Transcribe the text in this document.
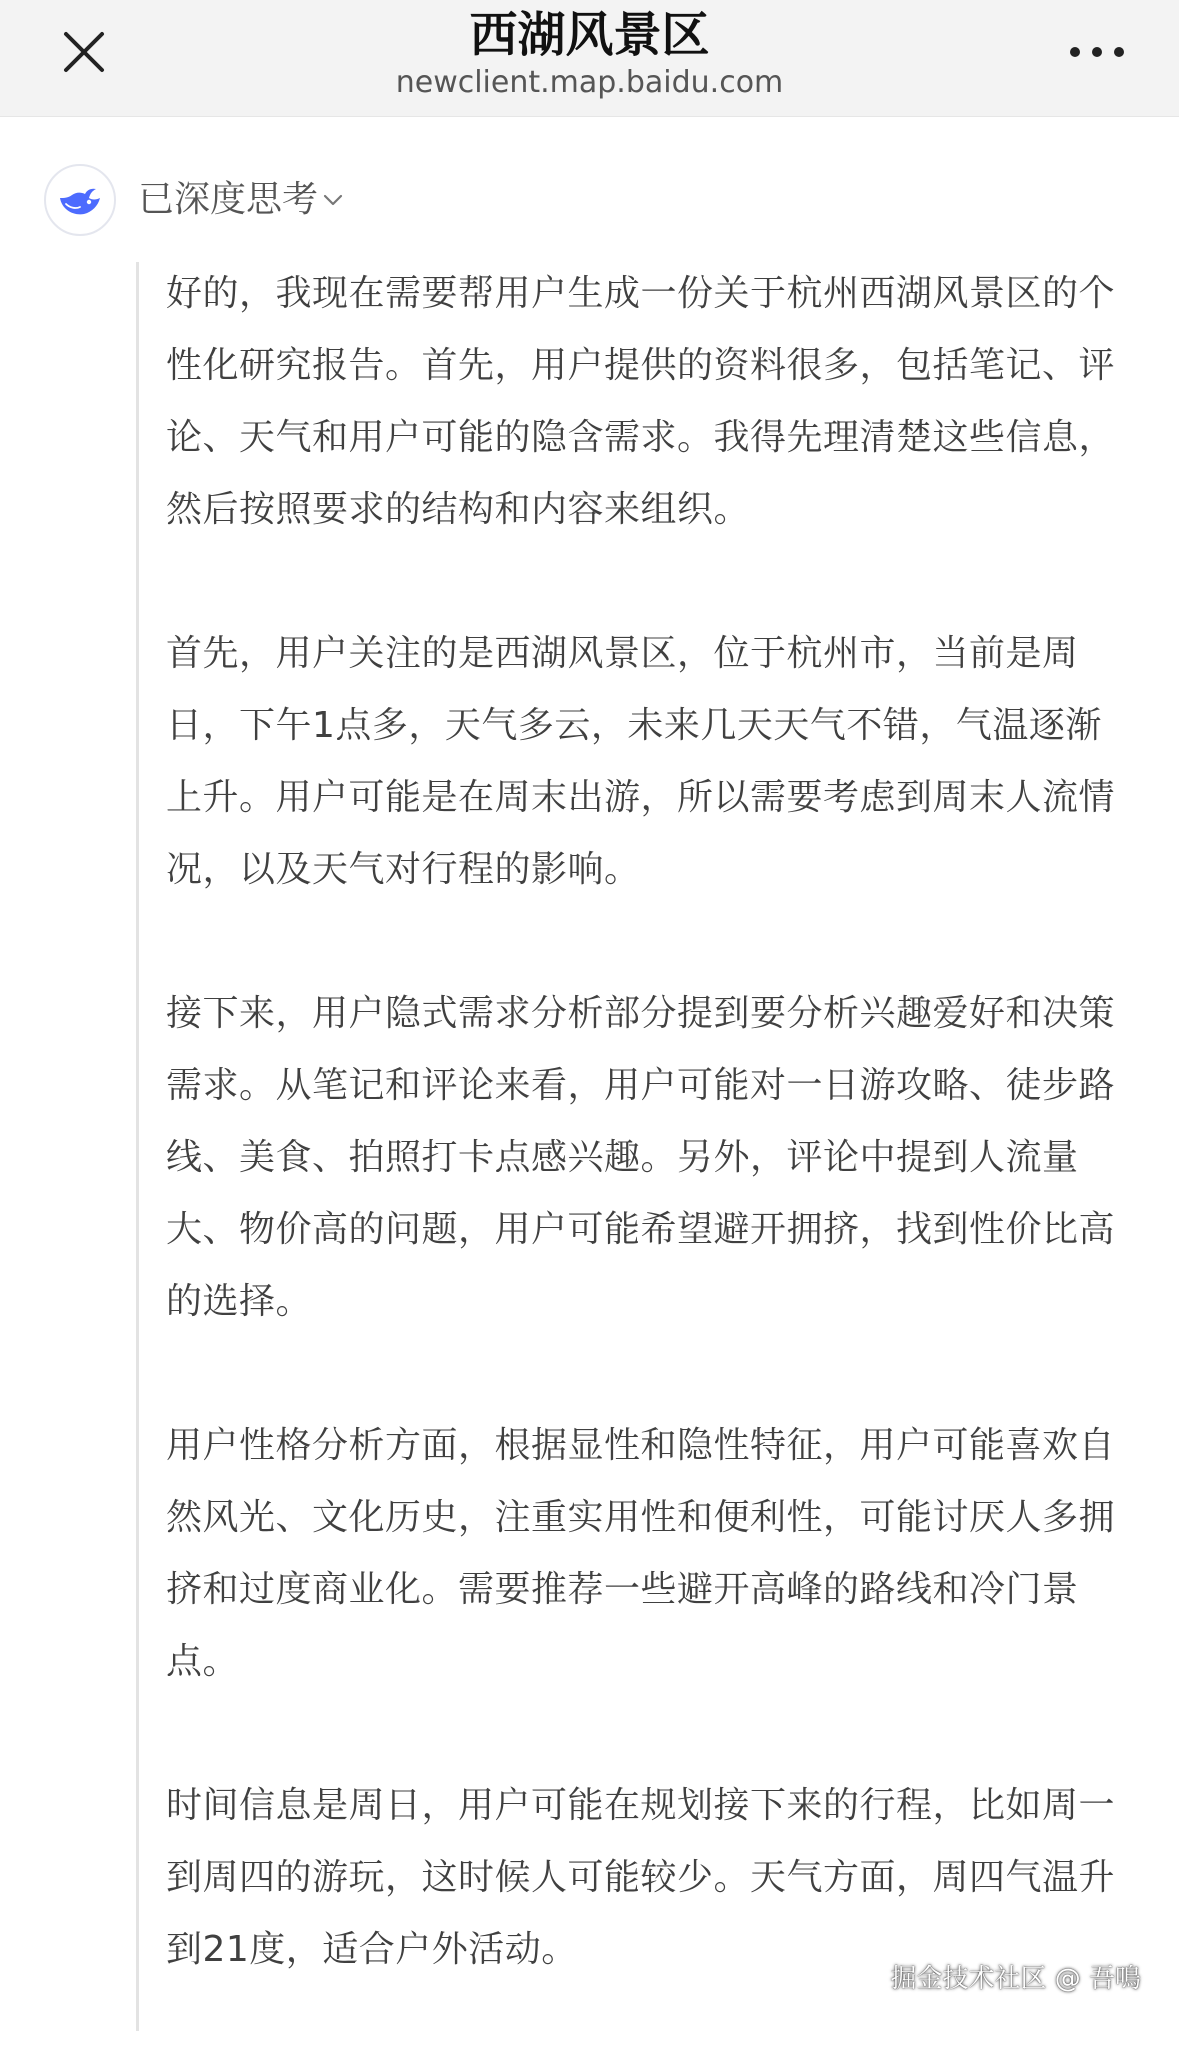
西湖风景区
newclient.map.baidu.com
已深度思考

好的，我现在需要帮用户生成一份关于杭州西湖风景区的个性化研究报告。首先，用户提供的资料很多，包括笔记、评论、天气和用户可能的隐含需求。我得先理清楚这些信息，然后按照要求的结构和内容来组织。

首先，用户关注的是西湖风景区，位于杭州市，当前是周日，下午1点多，天气多云，未来几天天气不错，气温逐渐上升。用户可能是在周末出游，所以需要考虑到周末人流情况，以及天气对行程的影响。

接下来，用户隐式需求分析部分提到要分析兴趣爱好和决策需求。从笔记和评论来看，用户可能对一日游攻略、徒步路线、美食、拍照打卡点感兴趣。另外，评论中提到人流量大、物价高的问题，用户可能希望避开拥挤，找到性价比高的选择。

用户性格分析方面，根据显性和隐性特征，用户可能喜欢自然风光、文化历史，注重实用性和便利性，可能讨厌人多拥挤和过度商业化。需要推荐一些避开高峰的路线和冷门景点。

时间信息是周日，用户可能在规划接下来的行程，比如周一到周四的游玩，这时候人可能较少。天气方面，周四气温升到21度，适合户外活动。

掘金技术社区 @ 吾鳴
